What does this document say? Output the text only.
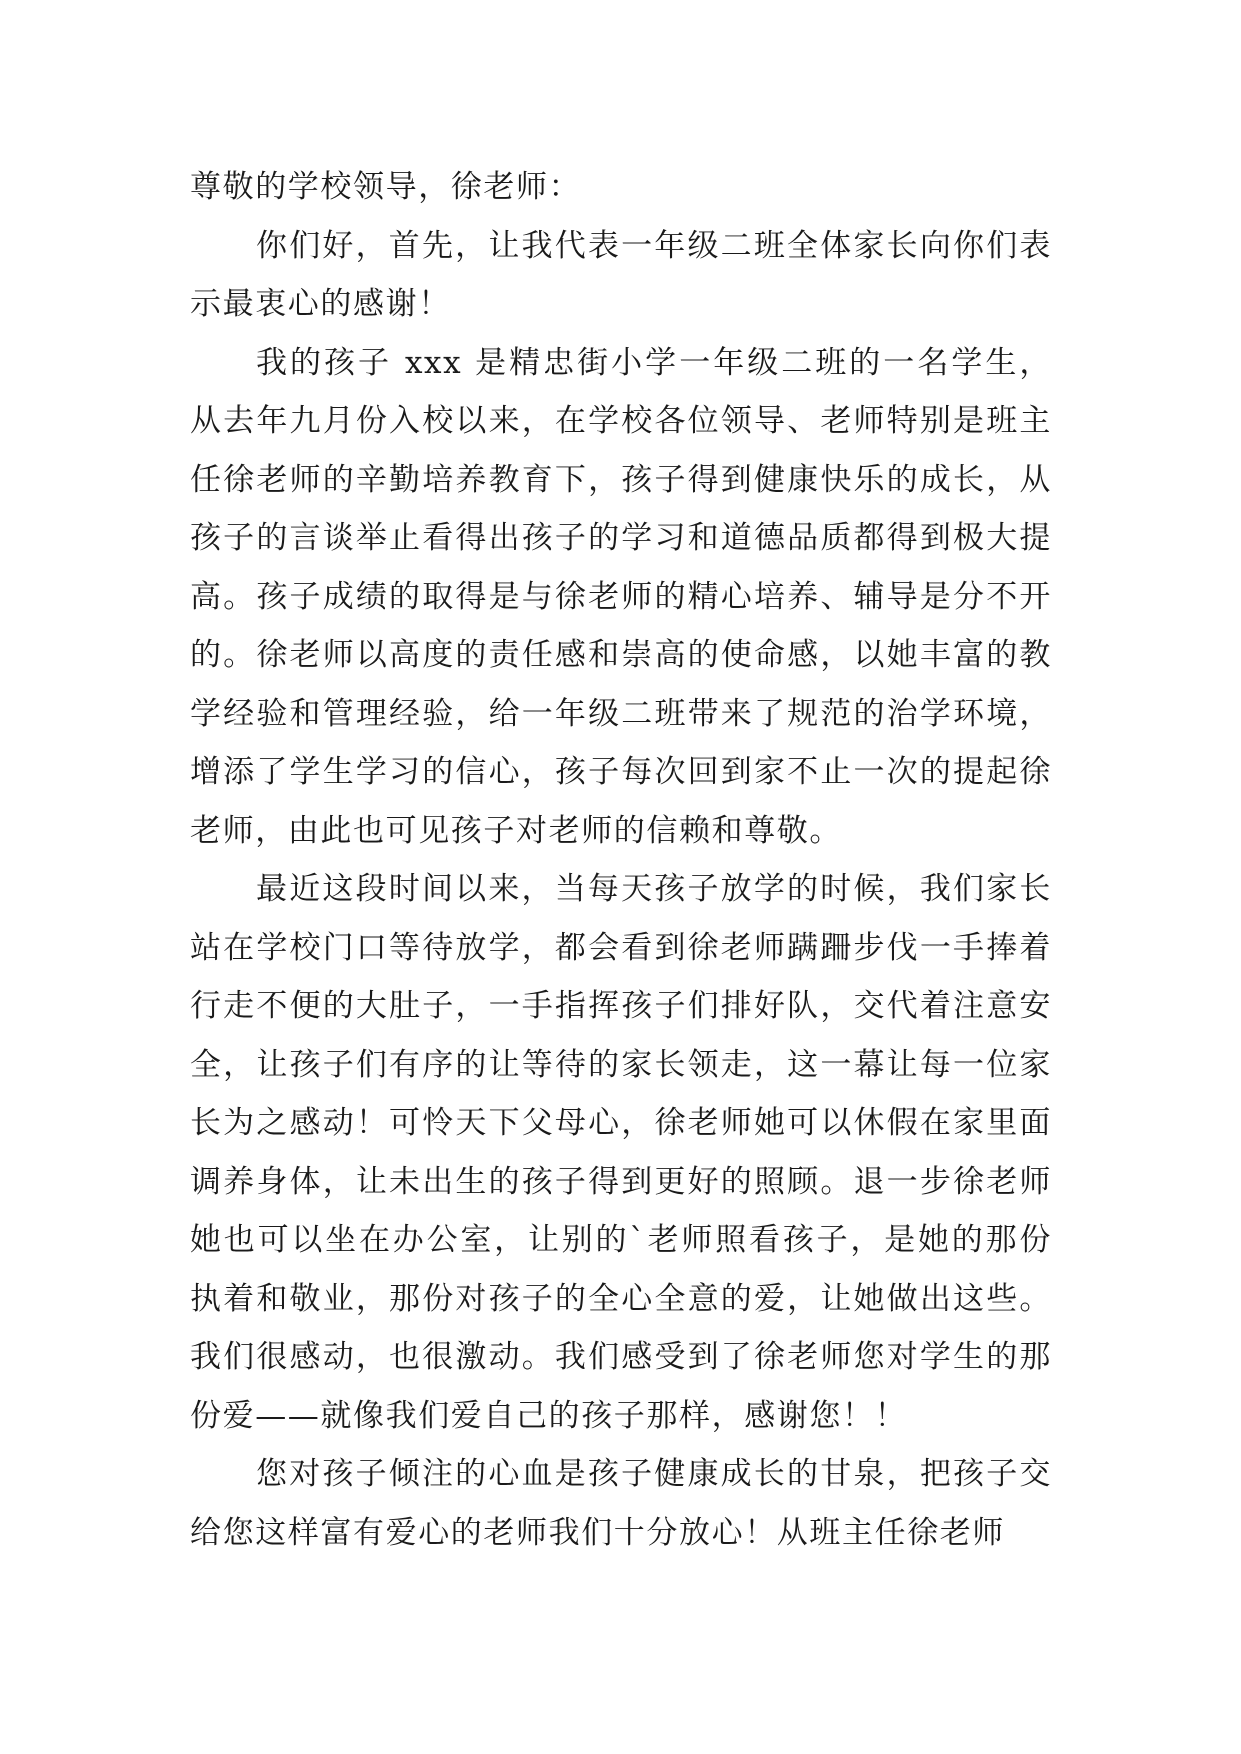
尊敬的学校领导，徐老师：

你们好，首先，让我代表一年级二班全体家长向你们表示最衷心的感谢！

我的孩子 xxx 是精忠街小学一年级二班的一名学生，从去年九月份入校以来，在学校各位领导、老师特别是班主任徐老师的辛勤培养教育下，孩子得到健康快乐的成长，从孩子的言谈举止看得出孩子的学习和道德品质都得到极大提高。孩子成绩的取得是与徐老师的精心培养、辅导是分不开的。徐老师以高度的责任感和崇高的使命感，以她丰富的教学经验和管理经验，给一年级二班带来了规范的治学环境，增添了学生学习的信心，孩子每次回到家不止一次的提起徐老师，由此也可见孩子对老师的信赖和尊敬。

最近这段时间以来，当每天孩子放学的时候，我们家长站在学校门口等待放学，都会看到徐老师蹒跚步伐一手捧着行走不便的大肚子，一手指挥孩子们排好队，交代着注意安全，让孩子们有序的让等待的家长领走，这一幕让每一位家长为之感动！可怜天下父母心，徐老师她可以休假在家里面调养身体，让未出生的孩子得到更好的照顾。退一步徐老师她也可以坐在办公室，让别的`老师照看孩子，是她的那份执着和敬业，那份对孩子的全心全意的爱，让她做出这些。我们很感动，也很激动。我们感受到了徐老师您对学生的那份爱——就像我们爱自己的孩子那样，感谢您！！

您对孩子倾注的心血是孩子健康成长的甘泉，把孩子交给您这样富有爱心的老师我们十分放心！从班主任徐老师
